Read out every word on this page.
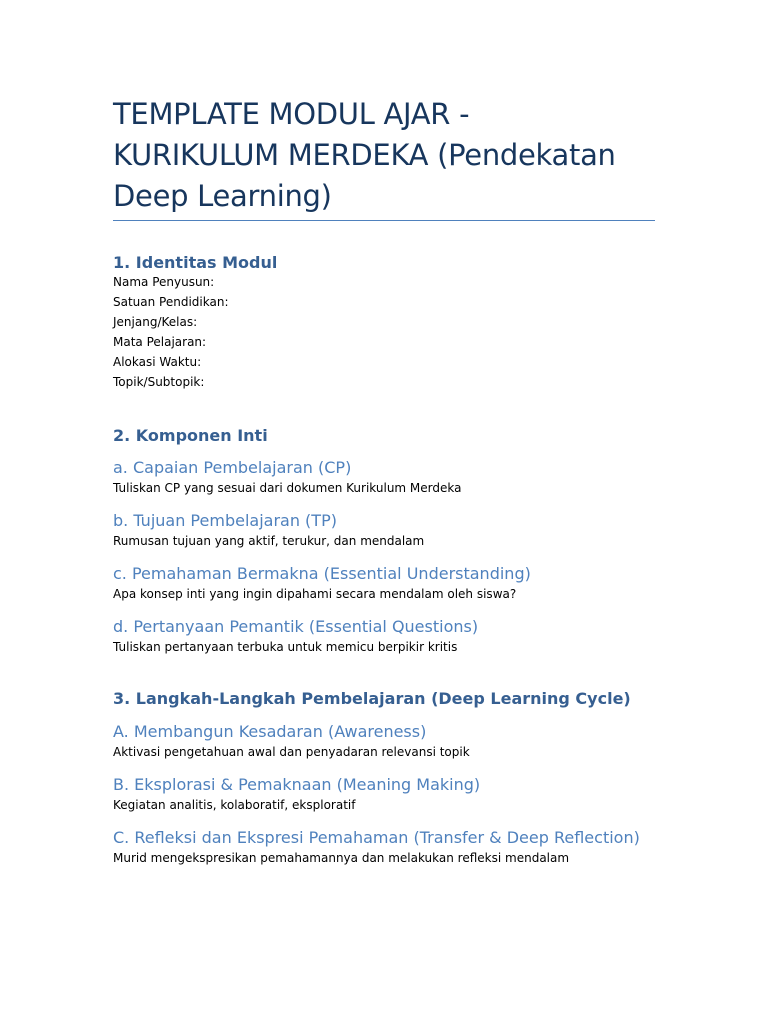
TEMPLATE MODUL AJAR -
KURIKULUM MERDEKA (Pendekatan
Deep Learning)
1. Identitas Modul
Nama Penyusun:
Satuan Pendidikan:
Jenjang/Kelas:
Mata Pelajaran:
Alokasi Waktu:
Topik/Subtopik:
2. Komponen Inti
a. Capaian Pembelajaran (CP)

Tuliskan CP yang sesuai dari dokumen Kurikulum Merdeka

b. Tujuan Pembelajaran (TP)

Rumusan tujuan yang aktif, terukur, dan mendalam

c. Pemahaman Bermakna (Essential Understanding)

Apa konsep inti yang ingin dipahami secara mendalam oleh siswa?

d. Pertanyaan Pemantik (Essential Questions)

Tuliskan pertanyaan terbuka untuk memicu berpikir kritis

3. Langkah-Langkah Pembelajaran (Deep Learning Cycle)
A. Membangun Kesadaran (Awareness)

Aktivasi pengetahuan awal dan penyadaran relevansi topik

B. Eksplorasi & Pemaknaan (Meaning Making)

Kegiatan analitis, kolaboratif, eksploratif

C. Refleksi dan Ekspresi Pemahaman (Transfer & Deep Reflection)

Murid mengekspresikan pemahamannya dan melakukan refleksi mendalam
